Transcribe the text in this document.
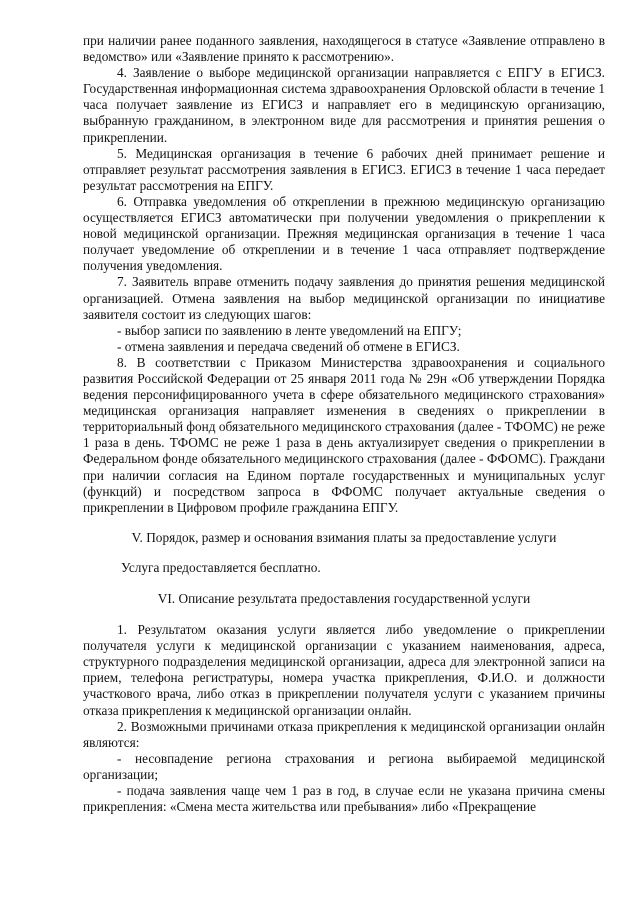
при наличии ранее поданного заявления, находящегося в статусе «Заявление отправлено в ведомство» или «Заявление принято к рассмотрению».

4. Заявление о выборе медицинской организации направляется с ЕПГУ в ЕГИСЗ. Государственная информационная система здравоохранения Орловской области в течение 1 часа получает заявление из ЕГИСЗ и направляет его в медицинскую организацию, выбранную гражданином, в электронном виде для рассмотрения и принятия решения о прикреплении.

5. Медицинская организация в течение 6 рабочих дней принимает решение и отправляет результат рассмотрения заявления в ЕГИСЗ. ЕГИСЗ в течение 1 часа передает результат рассмотрения на ЕПГУ.

6. Отправка уведомления об откреплении в прежнюю медицинскую организацию осуществляется ЕГИСЗ автоматически при получении уведомления о прикреплении к новой медицинской организации. Прежняя медицинская организация в течение 1 часа получает уведомление об откреплении и в течение 1 часа отправляет подтверждение получения уведомления.

7. Заявитель вправе отменить подачу заявления до принятия решения медицинской организацией. Отмена заявления на выбор медицинской организации по инициативе заявителя состоит из следующих шагов:

- выбор записи по заявлению в ленте уведомлений на ЕПГУ;

- отмена заявления и передача сведений об отмене в ЕГИСЗ.

8. В соответствии с Приказом Министерства здравоохранения и социального развития Российской Федерации от 25 января 2011 года № 29н «Об утверждении Порядка ведения персонифицированного учета в сфере обязательного медицинского страхования» медицинская организация направляет изменения в сведениях о прикреплении в территориальный фонд обязательного медицинского страхования (далее - ТФОМС) не реже 1 раза в день. ТФОМС не реже 1 раза в день актуализирует сведения о прикреплении в Федеральном фонде обязательного медицинского страхования (далее - ФФОМС). Граждани при наличии согласия на Едином портале государственных и муниципальных услуг (функций) и посредством запроса в ФФОМС получает актуальные сведения о прикреплении в Цифровом профиле гражданина ЕПГУ.

V. Порядок, размер и основания взимания платы за предоставление услуги

Услуга предоставляется бесплатно.

VI. Описание результата предоставления государственной услуги

1. Результатом оказания услуги является либо уведомление о прикреплении получателя услуги к медицинской организации с указанием наименования, адреса, структурного подразделения медицинской организации, адреса для электронной записи на прием, телефона регистратуры, номера участка прикрепления, Ф.И.О. и должности участкового врача, либо отказ в прикреплении получателя услуги с указанием причины отказа прикрепления к медицинской организации онлайн.

2. Возможными причинами отказа прикрепления к медицинской организации онлайн являются:

- несовпадение региона страхования и региона выбираемой медицинской организации;

- подача заявления чаще чем 1 раз в год, в случае если не указана причина смены прикрепления: «Смена места жительства или пребывания» либо «Прекращение
